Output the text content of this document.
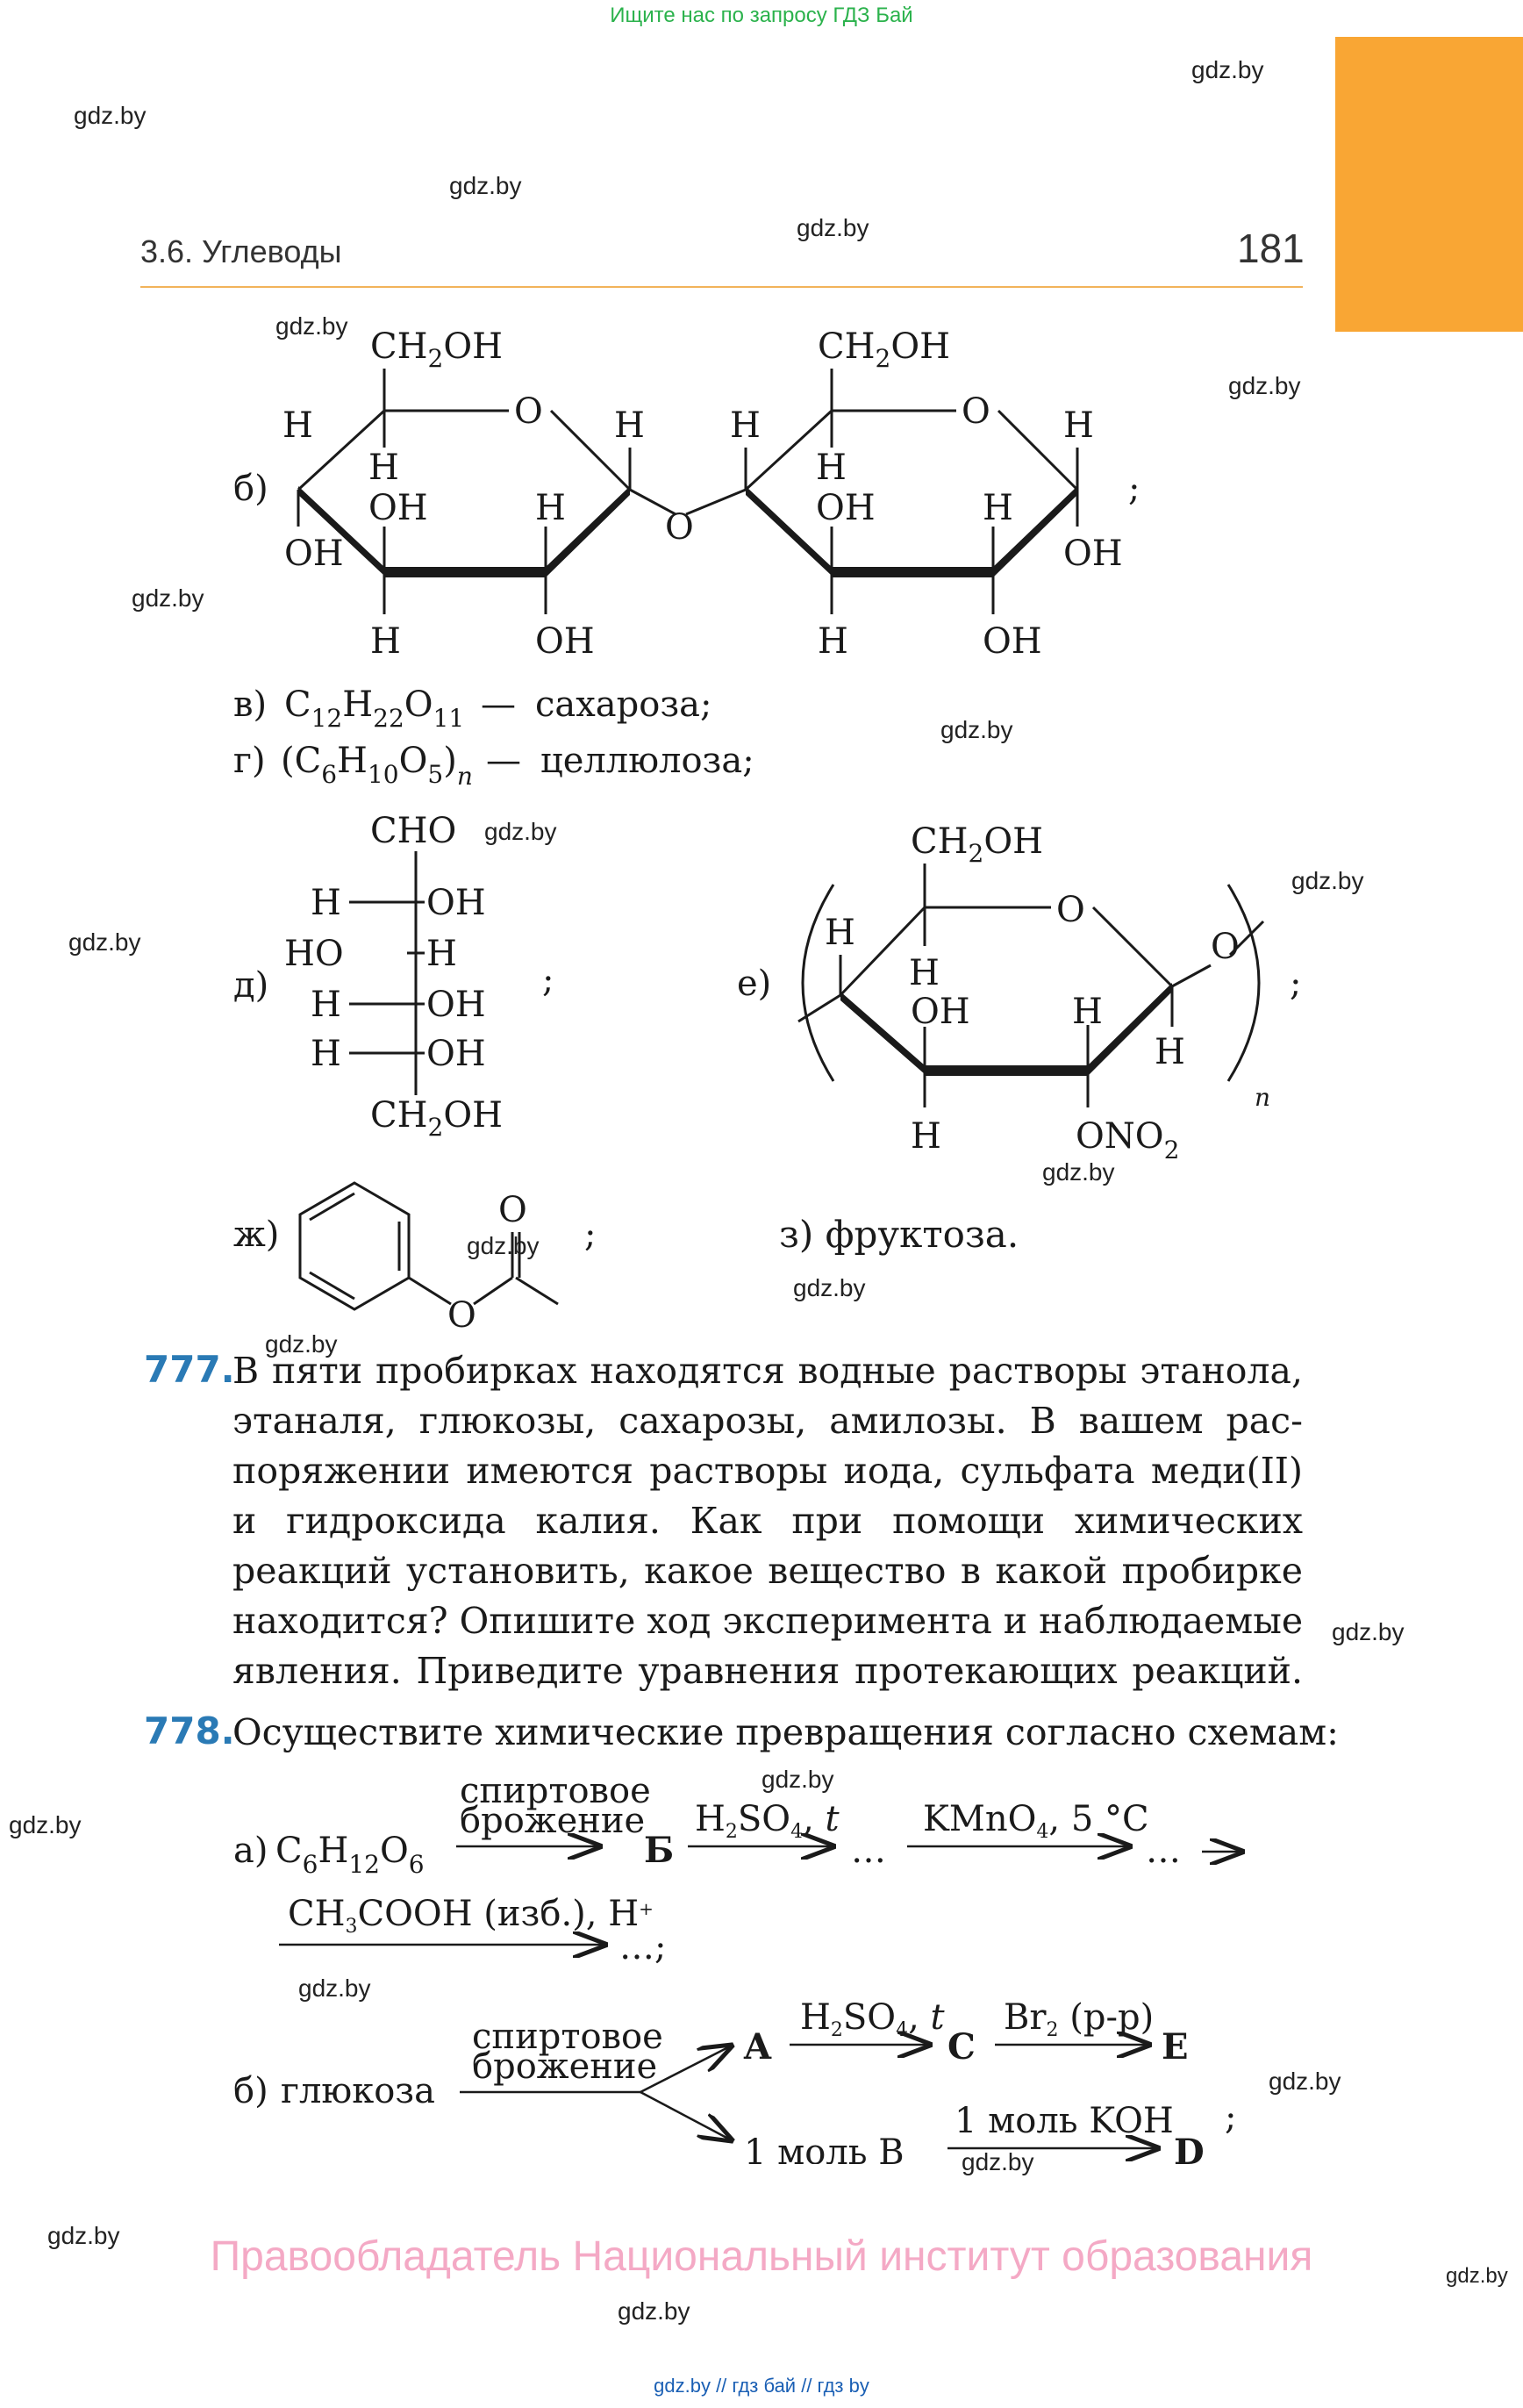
Ищите нас по запросу ГДЗ Бай
3.6. Углеводы	181
gdz.by
gdz.by
gdz.by
gdz.by
gdz.by
gdz.by
gdz.by
gdz.by
gdz.by
gdz.by
gdz.by
gdz.by
gdz.by
gdz.by
gdz.by
gdz.by
gdz.by
gdz.by
gdz.by
gdz.by
gdz.by
gdz.by
gdz.by
gdz.by
б)
$CH_2OH$
O
H
H
OH	H
H
OH
H	OH
O
$CH_2OH$
O
H
H
OH	H
H
OH
H	OH
;
в) $C_{12}H_{22}O_{11}$ — сахароза;
г) $(C_6H_{10}O_5)_n$ — целлюлоза;
д)
CHO
H OH
HO H
H OH
H OH
$CH_2OH$
;	е)
$CH_2OH$
O
H
H
OH	H
H
O
H	$ONO_2$
n
;
ж)
O
O
;	з) фруктоза.
777.
В пяти пробирках находятся водные растворы этанола,
этаналя, глюкозы, сахарозы, амилозы. В вашем рас-
поряжении имеются растворы иода, сульфата меди(II)
и гидроксида калия. Как при помощи химических
реакций установить, какое вещество в какой пробирке
находится? Опишите ход эксперимента и наблюдаемые
явления. Приведите уравнения протекающих реакций.
778.
Осуществите химические превращения согласно схемам:
а) $C_6H_{12}O_6$
спиртовое
брожение
Б
$H_2SO_4$, t
…
KMnO$_4$, 5 °C
…
$CH_3COOH$ (изб.), H+
…;
б) глюкоза
спиртовое
брожение A
$H_2SO_4$, t
C
$Br_2$ (р-р)
E
1 моль B
1 моль KOH
D
;
Правообладатель Национальный институт образования
gdz.by // гдз бай // гдз by
